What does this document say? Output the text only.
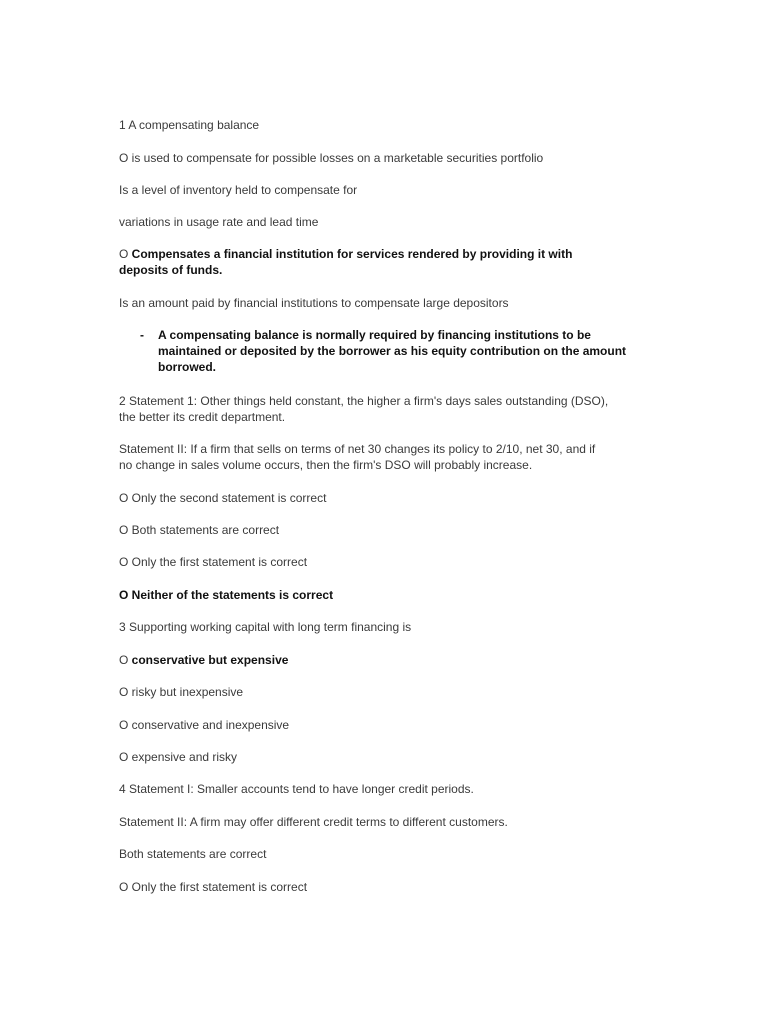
1 A compensating balance

O is used to compensate for possible losses on a marketable securities portfolio

Is a level of inventory held to compensate for

variations in usage rate and lead time

O Compensates a financial institution for services rendered by providing it with deposits of funds.

Is an amount paid by financial institutions to compensate large depositors

- A compensating balance is normally required by financing institutions to be maintained or deposited by the borrower as his equity contribution on the amount borrowed.

2 Statement 1: Other things held constant, the higher a firm's days sales outstanding (DSO), the better its credit department.

Statement II: If a firm that sells on terms of net 30 changes its policy to 2/10, net 30, and if no change in sales volume occurs, then the firm's DSO will probably increase.

O Only the second statement is correct

O Both statements are correct

O Only the first statement is correct

O Neither of the statements is correct

3 Supporting working capital with long term financing is

O conservative but expensive

O risky but inexpensive

O conservative and inexpensive

O expensive and risky

4 Statement I: Smaller accounts tend to have longer credit periods.

Statement II: A firm may offer different credit terms to different customers.

Both statements are correct

O Only the first statement is correct
